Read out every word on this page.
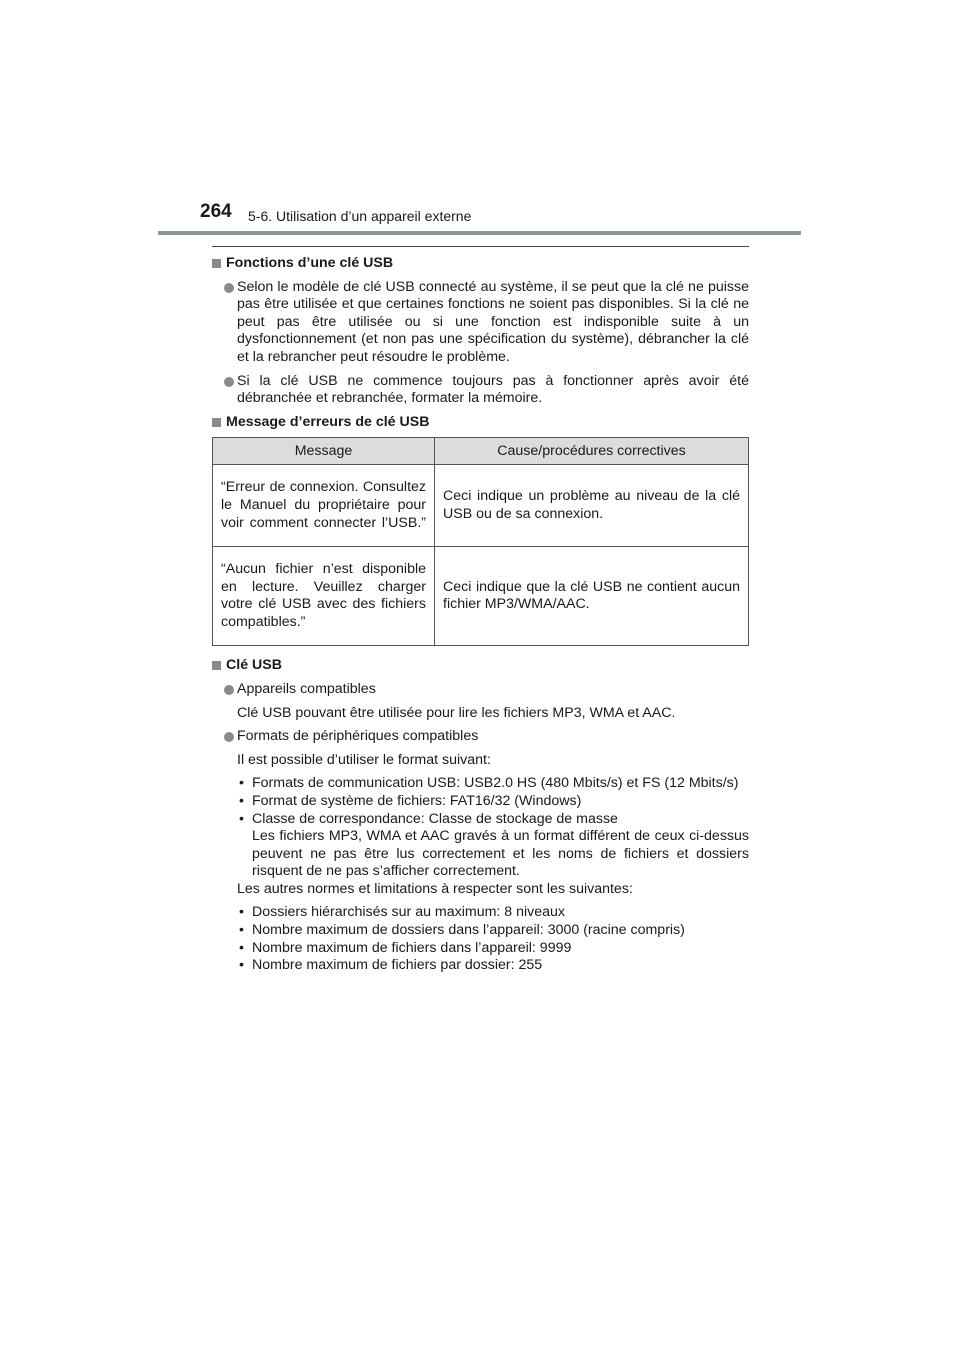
264 5-6. Utilisation d’un appareil externe
Fonctions d’une clé USB
Selon le modèle de clé USB connecté au système, il se peut que la clé ne puisse pas être utilisée et que certaines fonctions ne soient pas disponibles. Si la clé ne peut pas être utilisée ou si une fonction est indisponible suite à un dysfonctionnement (et non pas une spécification du système), débrancher la clé et la rebrancher peut résoudre le problème.
Si la clé USB ne commence toujours pas à fonctionner après avoir été débranchée et rebranchée, formater la mémoire.
Message d’erreurs de clé USB
Message	Cause/procédures correctives
“Erreur de connexion. Consultez le Manuel du propriétaire pour voir comment connecter l’USB.”	Ceci indique un problème au niveau de la clé USB ou de sa connexion.
“Aucun fichier n’est disponible en lecture. Veuillez charger votre clé USB avec des fichiers compatibles.”	Ceci indique que la clé USB ne contient aucun fichier MP3/WMA/AAC.
Clé USB
Appareils compatibles
Clé USB pouvant être utilisée pour lire les fichiers MP3, WMA et AAC.
Formats de périphériques compatibles
Il est possible d’utiliser le format suivant:
• Formats de communication USB: USB2.0 HS (480 Mbits/s) et FS (12 Mbits/s)
• Format de système de fichiers: FAT16/32 (Windows)
• Classe de correspondance: Classe de stockage de masse
Les fichiers MP3, WMA et AAC gravés à un format différent de ceux ci-dessus peuvent ne pas être lus correctement et les noms de fichiers et dossiers risquent de ne pas s’afficher correctement.
Les autres normes et limitations à respecter sont les suivantes:
• Dossiers hiérarchisés sur au maximum: 8 niveaux
• Nombre maximum de dossiers dans l’appareil: 3000 (racine compris)
• Nombre maximum de fichiers dans l’appareil: 9999
• Nombre maximum de fichiers par dossier: 255
